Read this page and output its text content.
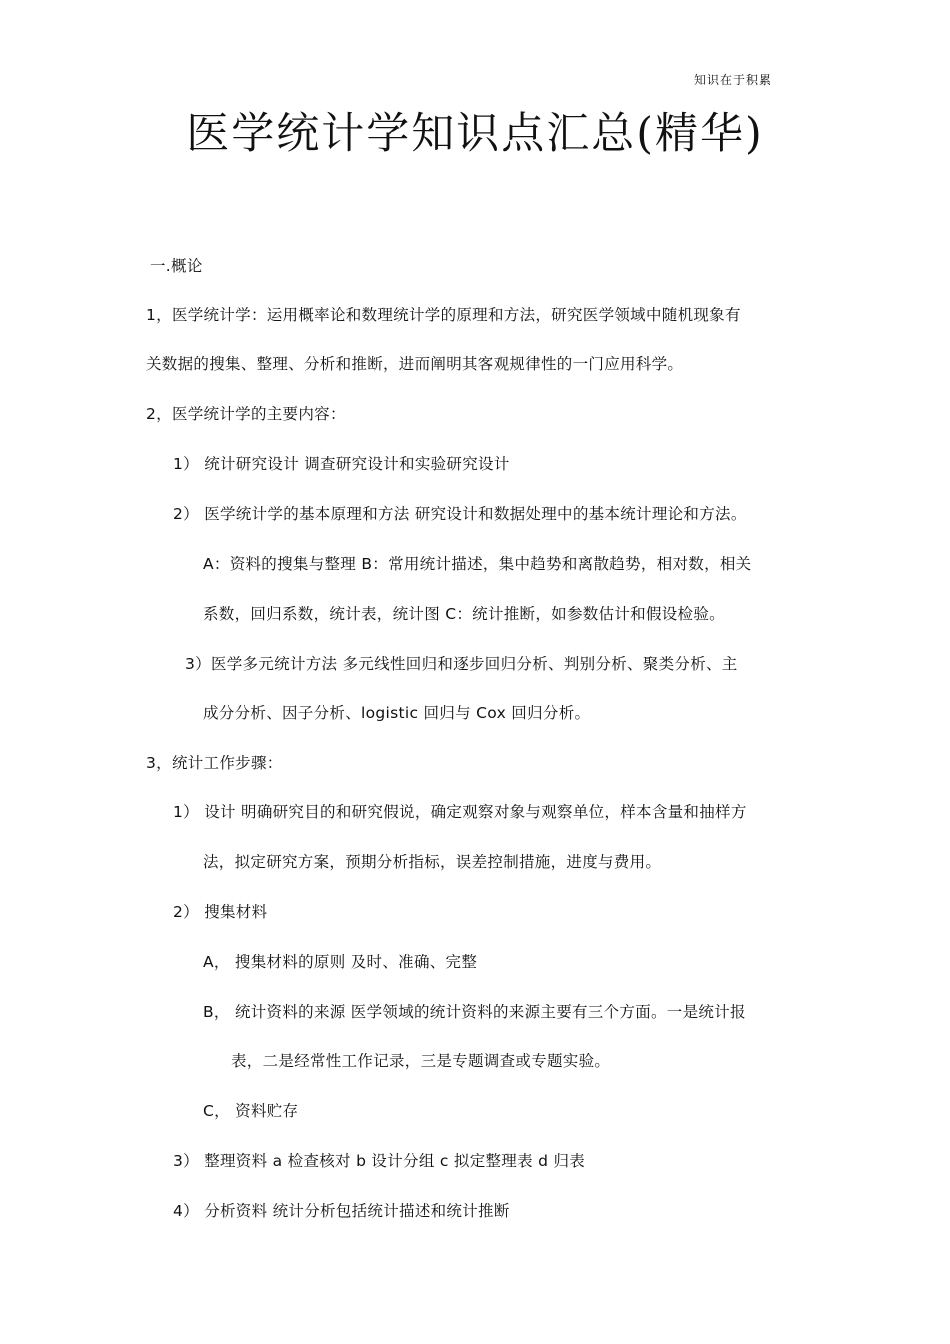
知识在于积累
医学统计学知识点汇总(精华)
一.概论
1，医学统计学：运用概率论和数理统计学的原理和方法，研究医学领域中随机现象有
关数据的搜集、整理、分析和推断，进而阐明其客观规律性的一门应用科学。
2，医学统计学的主要内容：
1） 统计研究设计 调查研究设计和实验研究设计
2） 医学统计学的基本原理和方法 研究设计和数据处理中的基本统计理论和方法。
A：资料的搜集与整理 B：常用统计描述，集中趋势和离散趋势，相对数，相关
系数，回归系数，统计表，统计图 C：统计推断，如参数估计和假设检验。
3）医学多元统计方法 多元线性回归和逐步回归分析、判别分析、聚类分析、主
成分分析、因子分析、logistic 回归与 Cox 回归分析。
3，统计工作步骤：
1） 设计 明确研究目的和研究假说，确定观察对象与观察单位，样本含量和抽样方
法，拟定研究方案，预期分析指标，误差控制措施，进度与费用。
2） 搜集材料
A， 搜集材料的原则 及时、准确、完整
B， 统计资料的来源 医学领域的统计资料的来源主要有三个方面。一是统计报
表，二是经常性工作记录，三是专题调查或专题实验。
C， 资料贮存
3） 整理资料 a 检查核对 b 设计分组 c 拟定整理表 d 归表
4） 分析资料 统计分析包括统计描述和统计推断
